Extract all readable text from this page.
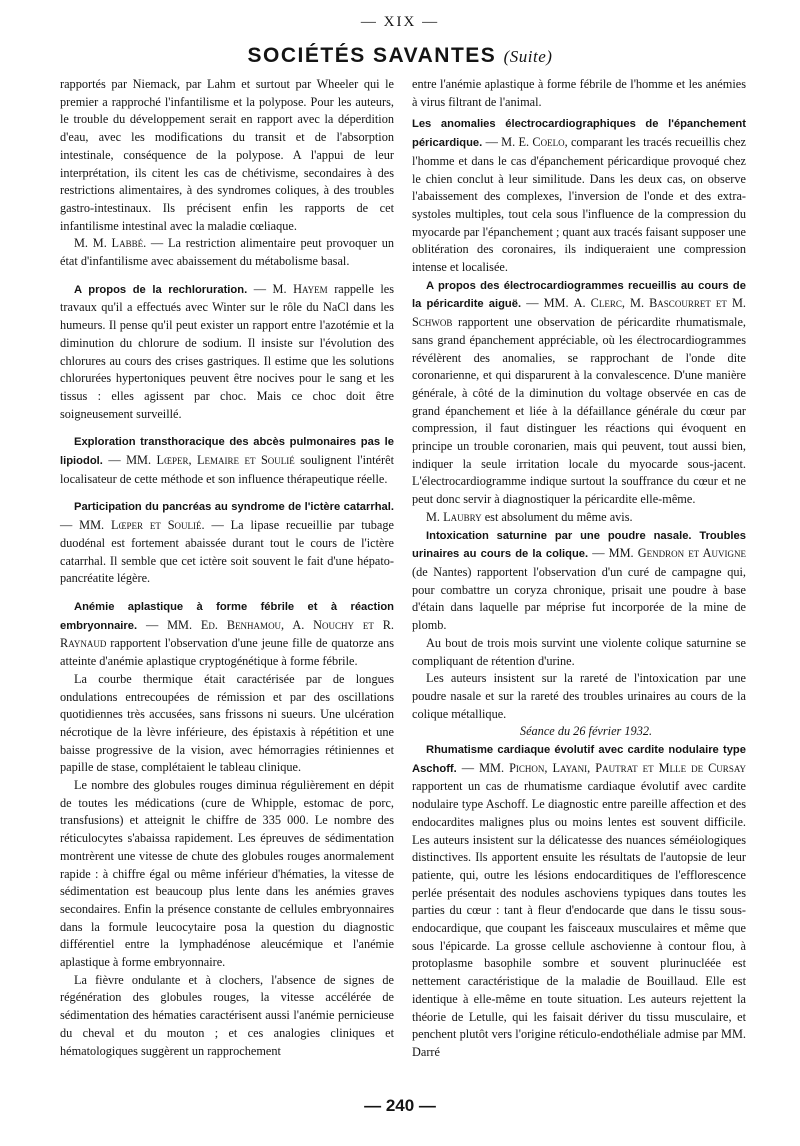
— XIX —
SOCIÉTÉS SAVANTES (Suite)

rapportés par Niemack, par Lahm et surtout par Wheeler qui le premier a rapproché l'infantilisme et la polypose. Pour les auteurs, le trouble du développement serait en rapport avec la déperdition d'eau, avec les modifications du transit et de l'absorption intestinale, conséquence de la polypose. A l'appui de leur interprétation, ils citent les cas de chétivisme, secondaires à des restrictions alimentaires, à des syndromes coliques, à des troubles gastro-intestinaux. Ils précisent enfin les rapports de cet infantilisme intestinal avec la maladie cœliaque.

M. M. Labbé. — La restriction alimentaire peut provoquer un état d'infantilisme avec abaissement du métabolisme basal.

A propos de la rechloruration. — M. Hayem rappelle les travaux qu'il a effectués avec Winter sur le rôle du NaCl dans les humeurs. Il pense qu'il peut exister un rapport entre l'azotémie et la diminution du chlorure de sodium. Il insiste sur l'évolution des chlorures au cours des crises gastriques. Il estime que les solutions chlorurées hypertoniques peuvent être nocives pour le sang et les tissus : elles agissent par choc. Mais ce choc doit être soigneusement surveillé.

Exploration transthoracique des abcès pulmonaires pas le lipiodol. — MM. Lœper, Lemaire et Soulié soulignent l'intérêt localisateur de cette méthode et son influence thérapeutique réelle.

Participation du pancréas au syndrome de l'ictère catarrhal. — MM. Lœper et Soulié. — La lipase recueillie par tubage duodénal est fortement abaissée durant tout le cours de l'ictère catarrhal. Il semble que cet ictère soit souvent le fait d'une hépato-pancréatite légère.

Anémie aplastique à forme fébrile et à réaction embryonnaire. — MM. Ed. Benhamou, A. Nouchy et R. Raynaud rapportent l'observation d'une jeune fille de quatorze ans atteinte d'anémie aplastique cryptogénétique à forme fébrile.

La courbe thermique était caractérisée par de longues ondulations entrecoupées de rémission et par des oscillations quotidiennes très accusées, sans frissons ni sueurs. Une ulcération nécrotique de la lèvre inférieure, des épistaxis à répétition et une baisse progressive de la vision, avec hémorragies rétiniennes et papille de stase, complétaient le tableau clinique.

Le nombre des globules rouges diminua régulièrement en dépit de toutes les médications (cure de Whipple, estomac de porc, transfusions) et atteignit le chiffre de 335 000. Le nombre des réticulocytes s'abaissa rapidement. Les épreuves de sédimentation montrèrent une vitesse de chute des globules rouges anormalement rapide : à chiffre égal ou même inférieur d'hématies, la vitesse de sédimentation est beaucoup plus lente dans les anémies graves secondaires. Enfin la présence constante de cellules embryonnaires dans la formule leucocytaire posa la question du diagnostic différentiel entre la lymphadénose aleucémique et l'anémie aplastique à forme embryonnaire.

La fièvre ondulante et à clochers, l'absence de signes de régénération des globules rouges, la vitesse accélérée de sédimentation des hématies caractérisent aussi l'anémie pernicieuse du cheval et du mouton ; et ces analogies cliniques et hématologiques suggèrent un rapprochement

entre l'anémie aplastique à forme fébrile de l'homme et les anémies à virus filtrant de l'animal.

Les anomalies électrocardiographiques de l'épanchement péricardique. — M. E. Coelo, comparant les tracés recueillis chez l'homme et dans le cas d'épanchement péricardique provoqué chez le chien conclut à leur similitude. Dans les deux cas, on observe l'abaissement des complexes, l'inversion de l'onde et des extra-systoles multiples, tout cela sous l'influence de la compression du myocarde par l'épanchement ; quant aux tracés faisant supposer une oblitération des coronaires, ils indiqueraient une compression intense et localisée.

A propos des électrocardiogrammes recueillis au cours de la péricardite aiguë. — MM. A. Clerc, M. Bascourret et M. Schwob rapportent une observation de péricardite rhumatismale, sans grand épanchement appréciable, où les électrocardiogrammes révélèrent des anomalies, se rapprochant de l'onde dite coronarienne, et qui disparurent à la convalescence. D'une manière générale, à côté de la diminution du voltage observée en cas de grand épanchement et liée à la défaillance générale du cœur par compression, il faut distinguer les réactions qui évoquent en principe un trouble coronarien, mais qui peuvent, tout aussi bien, indiquer la seule irritation locale du myocarde sous-jacent. L'électrocardiogramme indique surtout la souffrance du cœur et ne peut donc servir à diagnostiquer la péricardite elle-même.

M. Laubry est absolument du même avis.

Intoxication saturnine par une poudre nasale. Troubles urinaires au cours de la colique. — MM. Gendron et Auvigne (de Nantes) rapportent l'observation d'un curé de campagne qui, pour combattre un coryza chronique, prisait une poudre à base d'étain dans laquelle par méprise fut incorporée de la mine de plomb.

Au bout de trois mois survint une violente colique saturnine se compliquant de rétention d'urine.

Les auteurs insistent sur la rareté de l'intoxication par une poudre nasale et sur la rareté des troubles urinaires au cours de la colique métallique.

Séance du 26 février 1932.

Rhumatisme cardiaque évolutif avec cardite nodulaire type Aschoff. — MM. Pichon, Layani, Pautrat et Mlle de Cursay rapportent un cas de rhumatisme cardiaque évolutif avec cardite nodulaire type Aschoff. Le diagnostic entre pareille affection et des endocardites malignes plus ou moins lentes est souvent difficile. Les auteurs insistent sur la délicatesse des nuances séméiologiques distinctives. Ils apportent ensuite les résultats de l'autopsie de leur patiente, qui, outre les lésions endocarditiques de l'efflorescence perlée présentait des nodules aschoviens typiques dans toutes les parties du cœur : tant à fleur d'endocarde que dans le tissu sous-endocardique, que coupant les faisceaux musculaires et même que sous l'épicarde. La grosse cellule aschovienne à contour flou, à protoplasme basophile sombre et souvent plurinucléée est nettement caractéristique de la maladie de Bouillaud. Elle est identique à elle-même en toute situation. Les auteurs rejettent la théorie de Letulle, qui les faisait dériver du tissu musculaire, et penchent plutôt vers l'origine réticulo-endothéliale admise par MM. Darré

— 240 —
